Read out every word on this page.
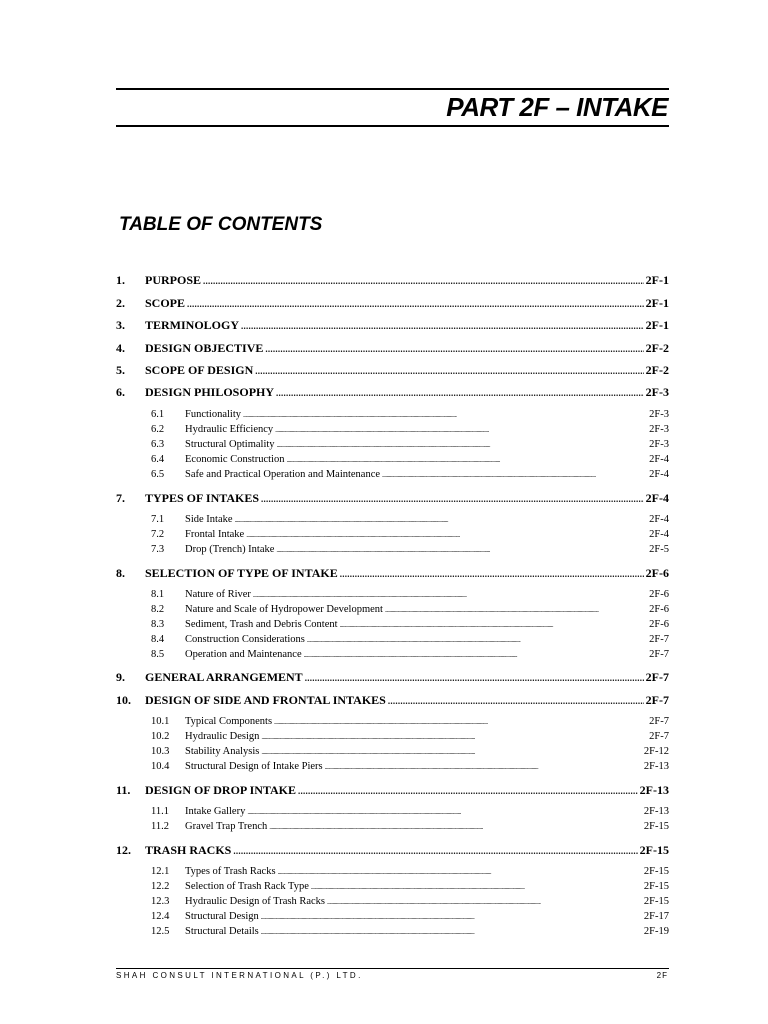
PART 2F – INTAKE
TABLE OF CONTENTS
1.	PURPOSE . . .	2F-1
2.	SCOPE . . .	2F-1
3.	TERMINOLOGY . . .	2F-1
4.	DESIGN OBJECTIVE . . .	2F-2
5.	SCOPE OF DESIGN . . .	2F-2
6.	DESIGN PHILOSOPHY . . .	2F-3
6.1	Functionality . . .	2F-3
6.2	Hydraulic Efficiency . . .	2F-3
6.3	Structural Optimality . . .	2F-3
6.4	Economic Construction . . .	2F-4
6.5	Safe and Practical Operation and Maintenance . . .	2F-4
7.	TYPES OF INTAKES . . .	2F-4
7.1	Side Intake . . .	2F-4
7.2	Frontal Intake . . .	2F-4
7.3	Drop (Trench) Intake . . .	2F-5
8.	SELECTION OF TYPE OF INTAKE . . .	2F-6
8.1	Nature of River . . .	2F-6
8.2	Nature and Scale of Hydropower Development . . .	2F-6
8.3	Sediment, Trash and Debris Content . . .	2F-6
8.4	Construction Considerations . . .	2F-7
8.5	Operation and Maintenance . . .	2F-7
9.	GENERAL ARRANGEMENT . . .	2F-7
10.	DESIGN OF SIDE AND FRONTAL INTAKES . . .	2F-7
10.1	Typical Components . . .	2F-7
10.2	Hydraulic Design . . .	2F-7
10.3	Stability Analysis . . .	2F-12
10.4	Structural Design of Intake Piers . . .	2F-13
11.	DESIGN OF DROP INTAKE . . .	2F-13
11.1	Intake Gallery . . .	2F-13
11.2	Gravel Trap Trench . . .	2F-15
12.	TRASH RACKS . . .	2F-15
12.1	Types of Trash Racks . . .	2F-15
12.2	Selection of Trash Rack Type . . .	2F-15
12.3	Hydraulic Design of Trash Racks . . .	2F-15
12.4	Structural Design . . .	2F-17
12.5	Structural Details . . .	2F-19
SHAH CONSULT INTERNATIONAL (P.) LTD.	2F
